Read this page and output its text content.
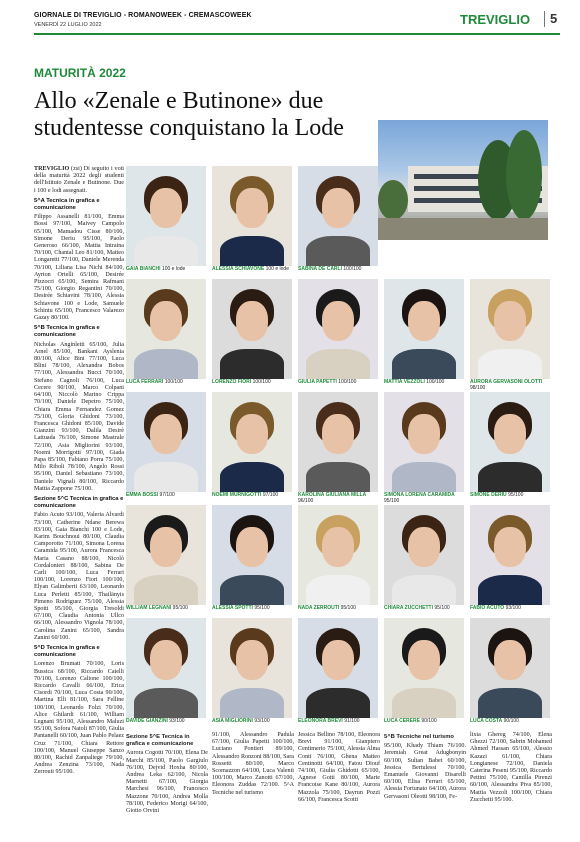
GIORNALE DI TREVIGLIO - ROMANOWEEK - CREMASCOWEEK
VENERDÌ 22 LUGLIO 2022	TREVIGLIO	5
MATURITÀ 2022
Allo «Zenale e Butinone» due studentesse conquistano la Lode

TREVIGLIO (zsi) Di seguito i voti della maturità 2022 degli studenti dell'Istituto Zenale e Butinone. Due i 100 e lodi assegnati.

5^A Tecnica in grafica e comunicazione

Filippo Assanelli 81/100, Emma Bossi 97/100, Maivey Campolo 65/100, Mamadou Cisse 80/100, Simone Deriu 95/100, Paolo Generoso 66/100, Mattia Intraina 70/100, Chantal Leo 81/100, Matteo Longaretti 77/100, Daniele Merenda 70/100, Liliana Lisa Nichi 84/100, Ayrton Ortelli 65/100, Desirée Pizzocri 65/100, Semira Rafmani 75/100, Giorgio Regantini 70/100, Desirée Schiavini 78/100, Alessia Schiavone 100 e Lode, Samuele Schintu 65/100, Francesco Valarezo Gazay 80/100.

5^B Tecnica in grafica e comunicazione

Nicholas Anginletti 65/100, Julia Arnel 85/100, Bankani Ayslenia 80/100, Alice Bini 77/100, Luca Blini 78/100, Alexandra Bobos 77/100, Alessandra Bucci 70/100, Stefano Cagnoli 76/100, Luca Cecere 90/100, Marco Colpani 64/100, Niccolò Marino Crippa 70/100, Daniele Depetro 75/100, Chiara Emma Fernandez Gomez 75/100, Gloria Ghidoni 73/100, Francesca Ghidoni 85/100, Davide Gianzini 93/100, Dalila Desirè Lattuada 76/100, Simone Mastrale 72/100, Asia Migliorini 93/100, Noemi Morrigotti 97/100, Giada Papa 85/100, Fabiano Porra 75/100, Milo Riboli 78/100, Angelo Rossi 95/100, Daniel Sebastiano 73/100, Daniele Vignali 80/100, Riccardo Mattia Zappone 75/100.

Sezione 5^C Tecnica in grafica e comunicazione

Fabio Acuto 93/100, Valeria Alvardi 73/100, Catherine Ndane Berewa 83/100, Gaia Bianchi 100 e Lode, Karim Bouchnoui 80/100, Claudia Camporotto 71/100, Simona Lorena Caramida 95/100, Aurora Francesca Maria Casano 88/100, Nicolò Cordalonieri 88/100, Sabina De Carli 100/100, Luca Ferrari 100/100, Lorenzo Fiori 100/100, Elyan Galimberti 63/100, Leonardo Luca Perletti 85/100, Thailänyis Pimeno Rodriguez 75/100, Alessia Spotti 95/100, Giorgia Tresoldi 67/100, Claudia Antonia Ullco 66/100, Alessandro Vignola 78/100, Carolina Zanini 65/100, Sandra Zanini 60/100.

5^D Tecnica in grafica e comunicazione

Lorenzo Brumati 70/100, Loris Bussica 68/100, Riccardo Caielli 70/100, Lorenzo Calione 100/100, Riccardo Cavalli 66/100, Erica Cisordi 70/100, Luca Costa 90/100, Martina Elli 81/100, Sara Felline 100/100, Leonardo Folzi 70/100, Alice Ghilardi 61/100, William Legnani 95/100, Alessandro Maluzi 95/100, Sofora Natoli 87/100, Giulia Pantanelli 60/100, Juan Pablo Pelaez Cruz 71/100, Chiara Rettore 100/100, Manuel Giuseppe Sanzo 80/100, Rachid Zanpaliege 79/100, Andrea Zenzina 73/100, Nada Zerrouti 95/100.

GAIA BIANCHI 100 e lode	ALESSIA SCHIAVONE 100 e lode	SABINA DE CARLI 100/100
LUCA FERRARI 100/100	LORENZO FIORI 100/100	GIULIA PAPETTI 100/100	MATTIA VEZZOLI 100/100	AURORA GERVASONI OLOTTI 98/100
EMMA BOSSI 97/100	NOEMI MURNIGOTTI 97/100	KAROLINA GIULIANA MILLA 96/100
SIMONA LORENA CARAMIDA 95/100
SIMONE DERIU 95/100
WILLIAM LEGNANI 95/100	ALESSIA SPOTTI 95/100	NADA ZERROUTI 95/100	CHIARA ZUCCHETTI 95/100	FABIO ACUTO 93/100
DAVIDE GIANZINI 93/100	ASIA MIGLIORINI 93/100	ELEONORA BREVI 91/100	LUCA CERERE 90/100	LUCA COSTA 90/100
Sezione 5^E Tecnica in grafica e comunicazione

Aurora Cogotti 70/100, Elena De Marchi 85/100, Paolo Gargiulo 76/100, Dejvid Hoxha 80/100, Andrea Leka 62/100, Nicola Marnetti 67/100, Giorgia Marchesi 96/100, Francesco Mazzone 70/100, Andrea Molla 78/100, Federico Morigi 64/100, Giotto Orvini

91/100, Alessandro Padula 67/100, Giulia Papetti 100/100, Luciano Pontieri 89/100, Alessandro Ronzoni 88/100, Sara Rossetti 80/100, Marco Scomazzon 64/100, Luca Valenti 100/100, Marco Zanotti 67/100, Eleonora Zuddas 72/100. 5^A Tecniche nel turismo

Jessica Bellino 78/100, Eleonora Brevi 91/100, Gianpiero Centimerio 75/100, Alessia Alma Conti 76/100, Ghena Matteo Centinotti 64/100, Fatou Diouf 74/100, Giulia Ghidotti 65/100, Agnese Gotti 80/100, Marie Francoise Kane 80/100, Aurora Mazzola 75/100, Dayrun Pozzi 66/100, Francesca Scotti

5^B Tecniche nel turismo

95/100, Khady Thiam 76/100. Jeremiah Great Adugbonyin 60/100, Sultan Babet 60/100, Jessica Bertulessi 70/100, Emanuele Giovanni Disarelli 60/100, Elisa Ferrari 65/100, Alessia Fortunato 64/100, Aurora Gervasoni Oleotti 98/100, Fe-

lixia Ghereg 74/100, Elena Ghezzi 72/100, Sabrin Mohamed Ahmed Hassan 65/100, Alessio Kazazi 61/100, Chiara Longianese 72/100, Daniela Caterina Peseni 95/100, Riccardo Pettini 75/100, Camilla Pirenzi 60/100, Alessandra Piva 85/100, Mattia Vezzoli 100/100, Chiara Zucchetti 95/100.
